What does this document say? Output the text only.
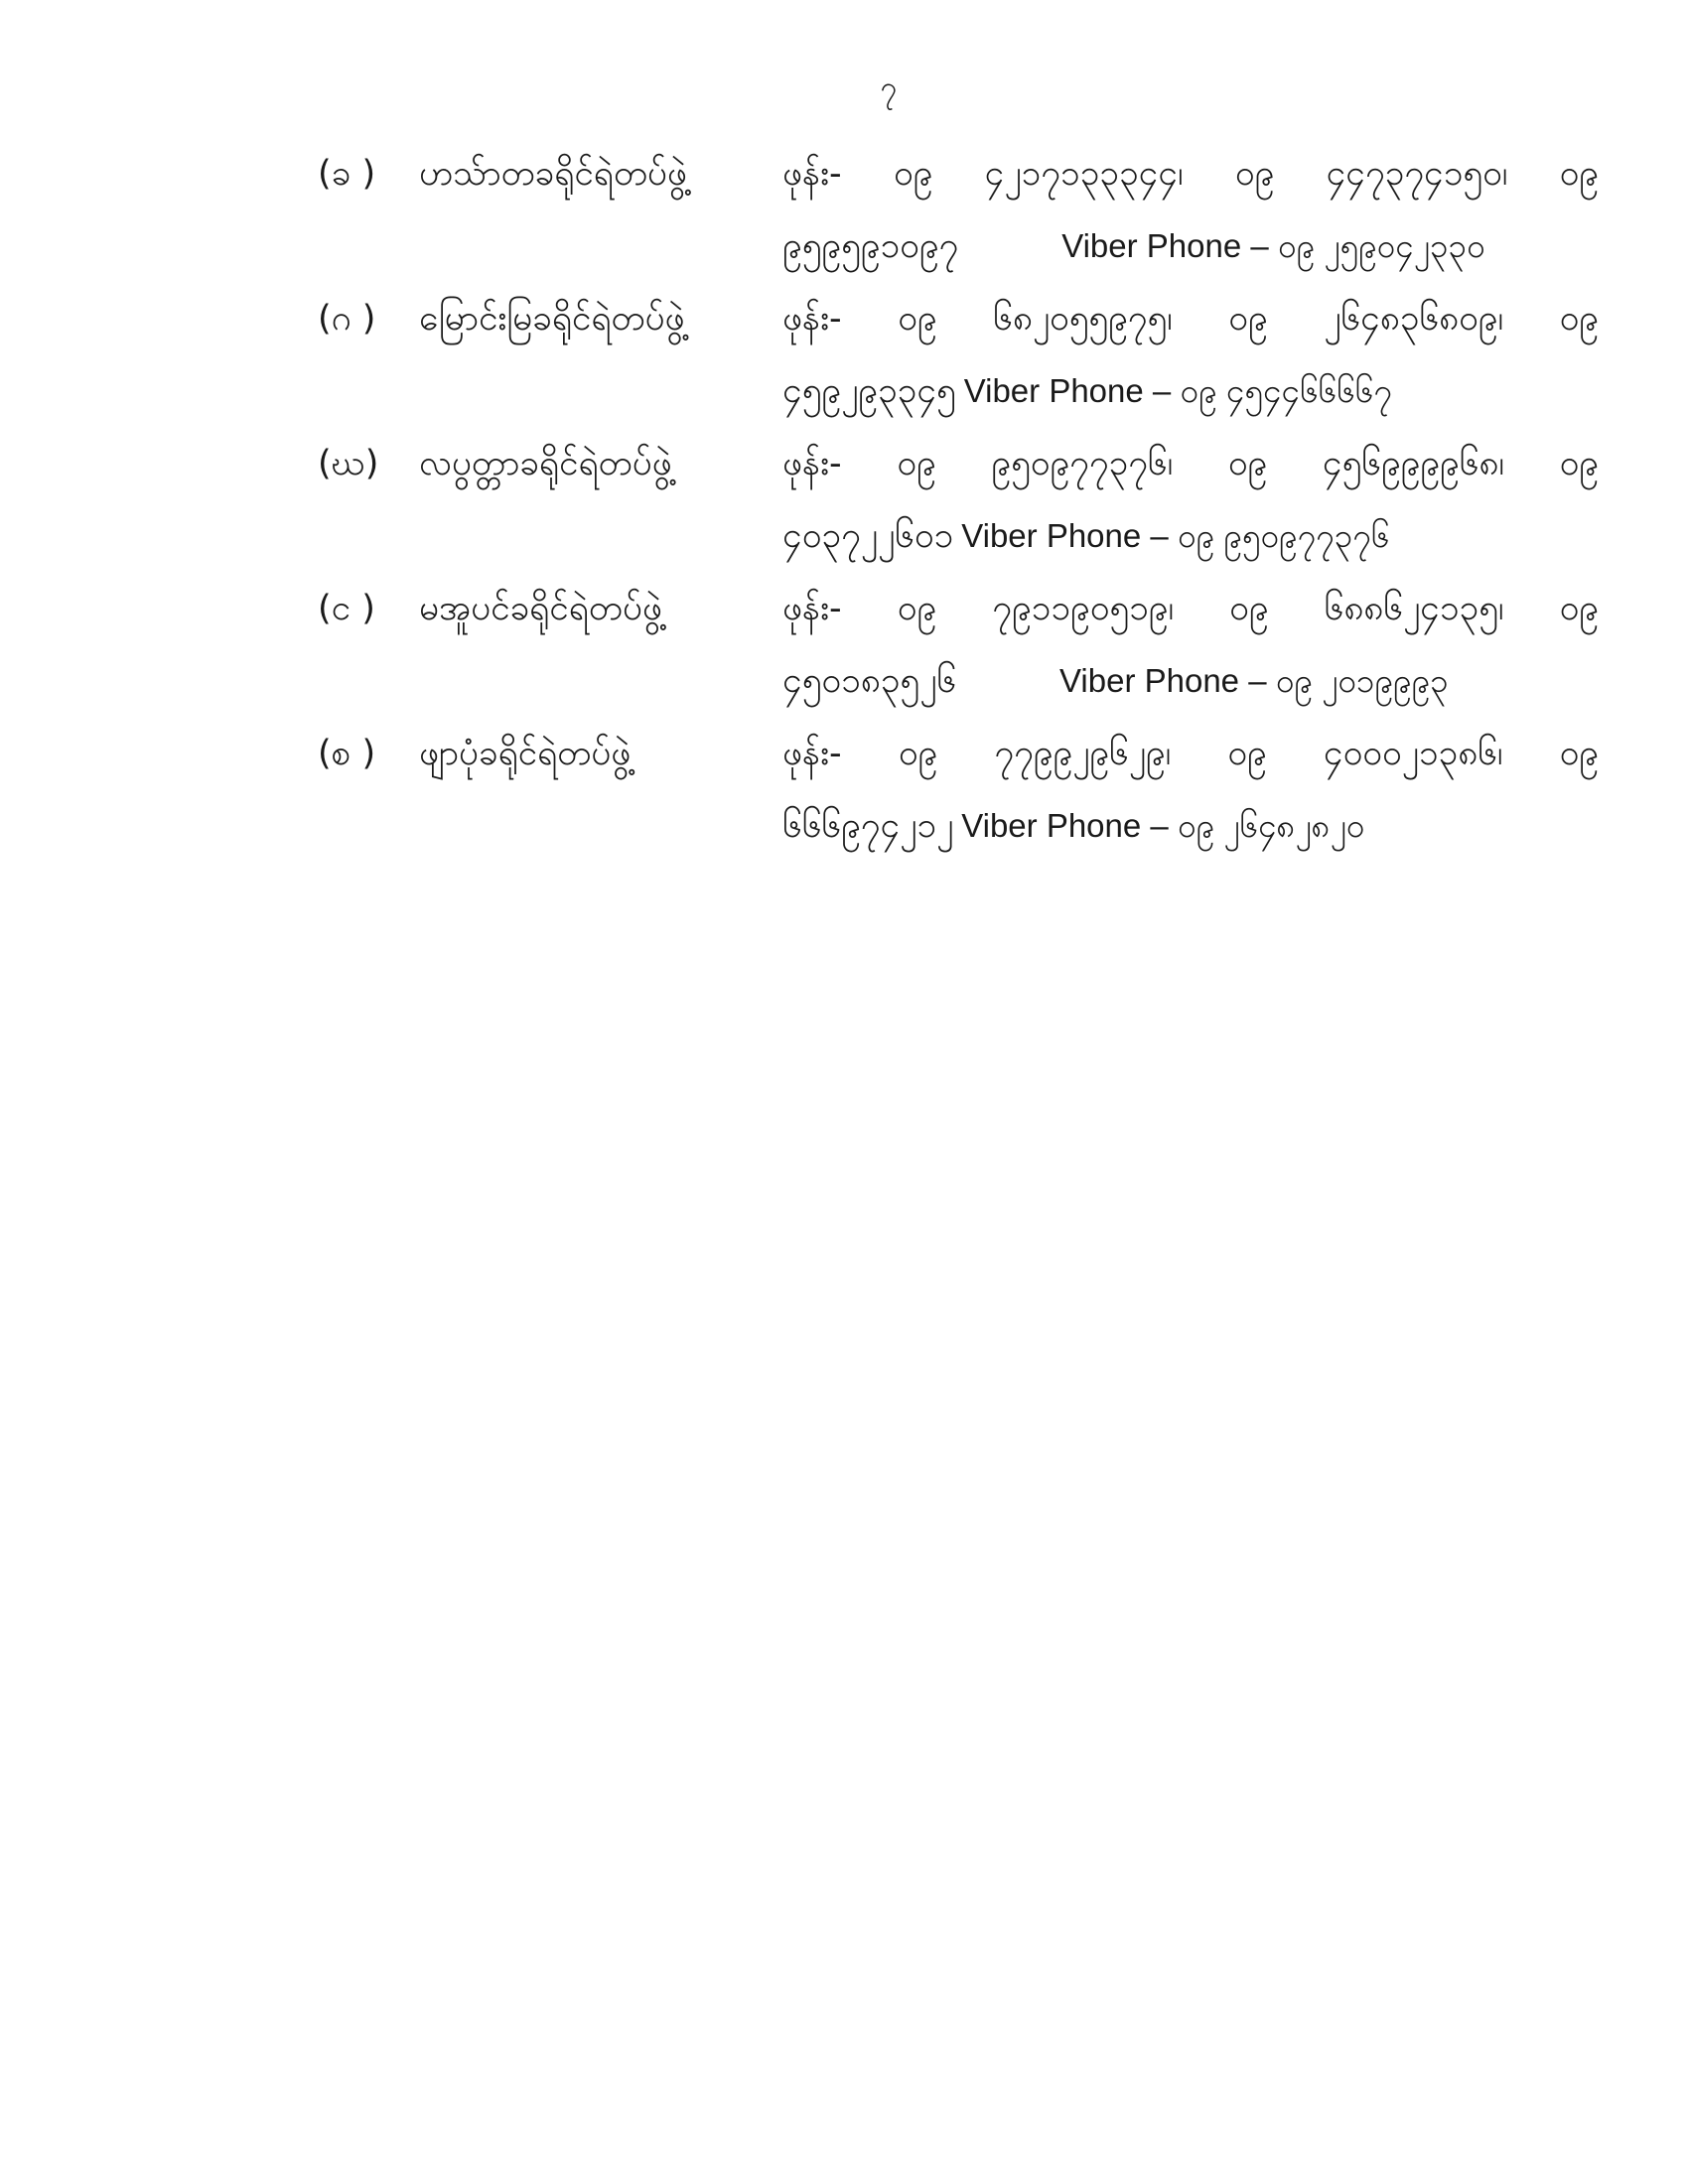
၇
(ခ ) ဟသ်ာတခရိုင်ရဲတပ်ဖွဲ့	ဖုန်း- ၀၉ ၄၂၁၇၁၃၃၃၄၄၊ ၀၉ ၄၄၇၃၇၄၁၅၀၊ ၀၉
၉၅၉၅၉၁၀၉၇	Viber Phone – ၀၉ ၂၅၉၀၄၂၃၃၀
(ဂ ) မြောင်းမြခရိုင်ရဲတပ်ဖွဲ့	ဖုန်း- ၀၉ ၆၈၂၀၅၅၉၇၅၊ ၀၉ ၂၆၄၈၃၆၈၀၉၊ ၀၉
၄၅၉၂၉၃၃၄၅ Viber Phone – ၀၉ ၄၅၄၄၆၆၆၆၇
(ဃ) လပွတ္တာခရိုင်ရဲတပ်ဖွဲ့	ဖုန်း- ၀၉ ၉၅၀၉၇၇၃၇၆၊ ၀၉ ၄၅၆၉၉၉၉၆၈၊ ၀၉
၄၀၃၇၂၂၆၀၁ Viber Phone – ၀၉ ၉၅၀၉၇၇၃၇၆
(င ) မအူပင်ခရိုင်ရဲတပ်ဖွဲ့	ဖုန်း- ၀၉ ၇၉၁၁၉၀၅၁၉၊ ၀၉ ၆၈၈၆၂၄၁၃၅၊ ၀၉
၄၅၀၁၈၃၅၂၆	Viber Phone – ၀၉ ၂၀၁၉၉၉၃
(စ ) ဖျာပုံခရိုင်ရဲတပ်ဖွဲ့	ဖုန်း- ၀၉ ၇၇၉၉၂၉၆၂၉၊ ၀၉ ၄၀၀၀၂၁၃၈၆၊ ၀၉
၆၆၆၉၇၄၂၁၂ Viber Phone – ၀၉ ၂၆၄၈၂၈၂၀
